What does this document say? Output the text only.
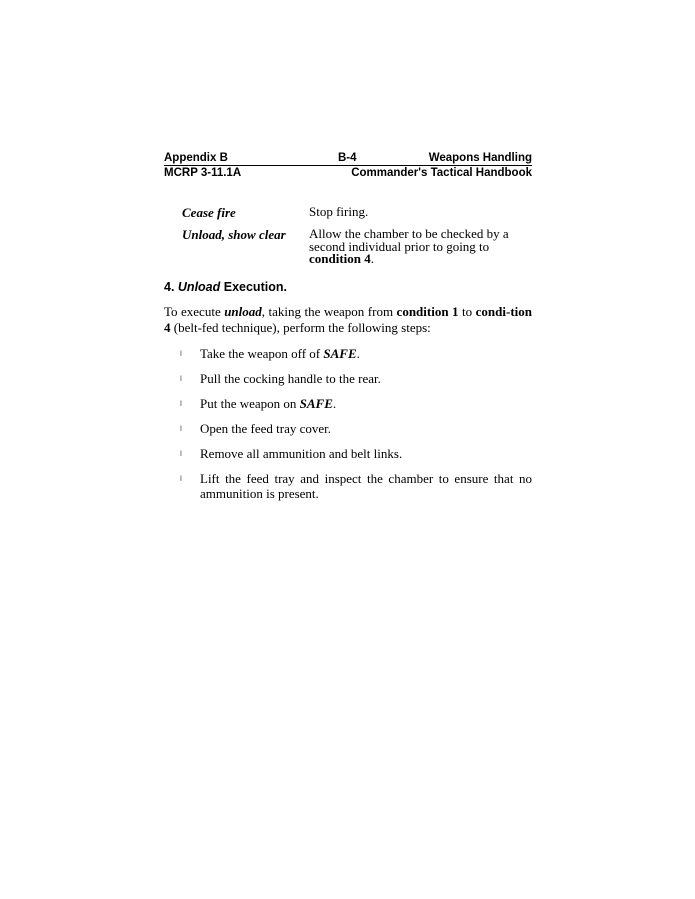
Appendix B	B-4	Weapons Handling
MCRP 3-11.1A	Commander's Tactical Handbook
Cease fire	Stop firing.
Unload, show clear	Allow the chamber to be checked by a second individual prior to going to condition 4.
4. Unload Execution.

To execute unload, taking the weapon from condition 1 to condi-tion 4 (belt-fed technique), perform the following steps:

l	Take the weapon off of SAFE.
l	Pull the cocking handle to the rear.
l	Put the weapon on SAFE.
l	Open the feed tray cover.
l	Remove all ammunition and belt links.
l	Lift the feed tray and inspect the chamber to ensure that no ammunition is present.
